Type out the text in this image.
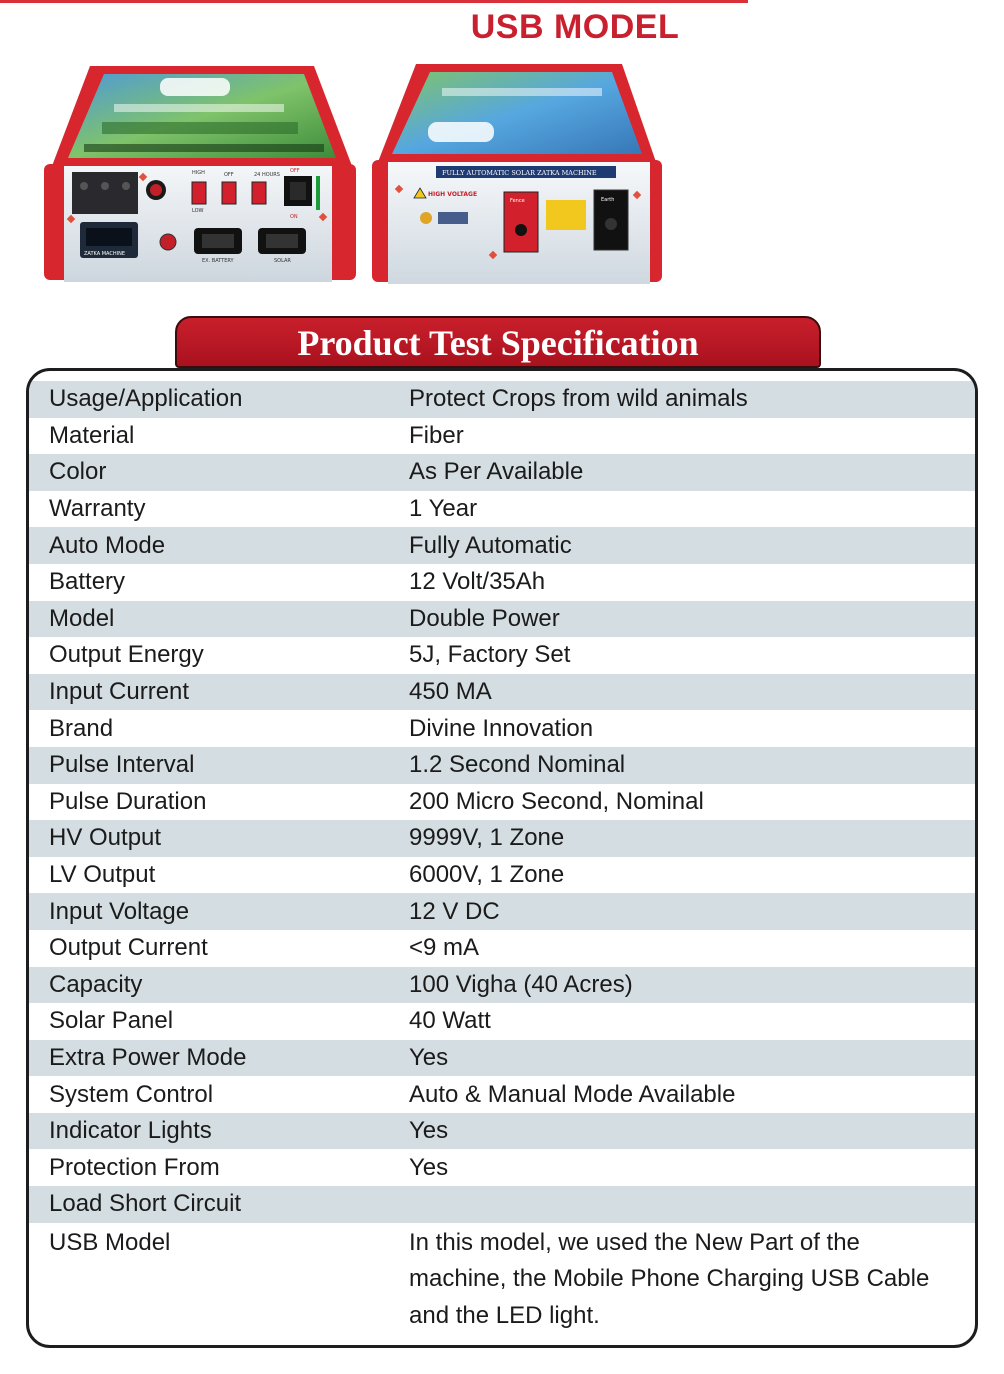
USB MODEL
HIGH
LOW
OFF	24 HOURS
OFF
ON
ZATKA MACHINE
EX. BATTERY	SOLAR
FULLY AUTOMATIC SOLAR ZATKA MACHINE
HIGH VOLTAGE
Fence	Earth
Product Test Specification
Usage/Application	Protect Crops from wild animals
Material	Fiber
Color	As Per Available
Warranty	1 Year
Auto Mode	Fully Automatic
Battery	12 Volt/35Ah
Model	Double Power
Output Energy	5J, Factory Set
Input Current	450 MA
Brand	Divine Innovation
Pulse Interval	1.2 Second Nominal
Pulse Duration	200 Micro Second, Nominal
HV Output	9999V, 1 Zone
LV Output	6000V, 1 Zone
Input Voltage	12 V DC
Output Current	<9 mA
Capacity	100 Vigha (40 Acres)
Solar Panel	40 Watt
Extra Power Mode	Yes
System Control	Auto & Manual Mode Available
Indicator Lights	Yes
Protection From	Yes
Load Short Circuit
USB Model	In this model, we used the New Part of the machine, the Mobile Phone Charging USB Cable and the LED light.
